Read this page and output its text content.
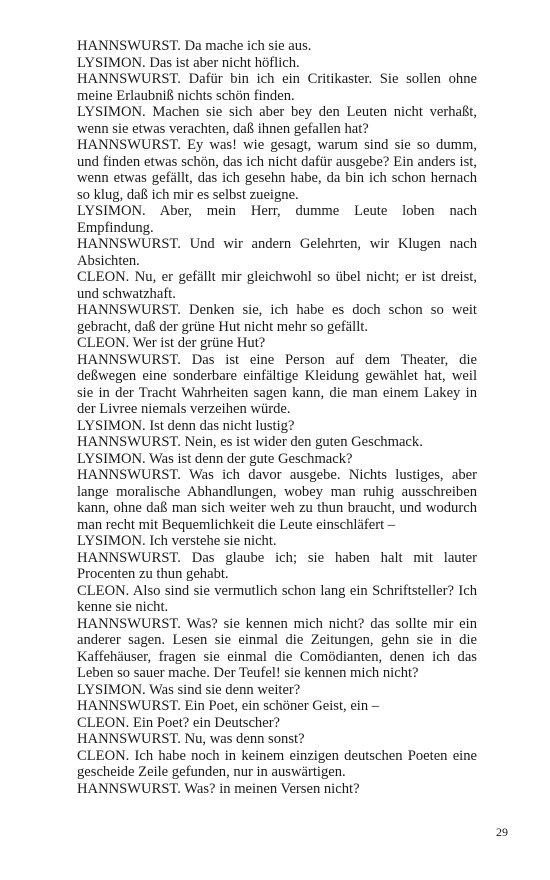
HANNSWURST. Da mache ich sie aus.

LYSIMON. Das ist aber nicht höflich.

HANNSWURST. Dafür bin ich ein Critikaster. Sie sollen ohne meine Erlaubniß nichts schön finden.

LYSIMON. Machen sie sich aber bey den Leuten nicht verhaßt, wenn sie etwas verachten, daß ihnen gefallen hat?

HANNSWURST. Ey was! wie gesagt, warum sind sie so dumm, und finden etwas schön, das ich nicht dafür ausgebe? Ein anders ist, wenn etwas gefällt, das ich gesehn habe, da bin ich schon hernach so klug, daß ich mir es selbst zueigne.

LYSIMON. Aber, mein Herr, dumme Leute loben nach Empfindung.

HANNSWURST. Und wir andern Gelehrten, wir Klugen nach Absichten.

CLEON. Nu, er gefällt mir gleichwohl so übel nicht; er ist dreist, und schwatzhaft.

HANNSWURST. Denken sie, ich habe es doch schon so weit gebracht, daß der grüne Hut nicht mehr so gefällt.

CLEON. Wer ist der grüne Hut?

HANNSWURST. Das ist eine Person auf dem Theater, die deßwegen eine sonderbare einfältige Kleidung gewählet hat, weil sie in der Tracht Wahrheiten sagen kann, die man einem Lakey in der Livree niemals verzeihen würde.

LYSIMON. Ist denn das nicht lustig?

HANNSWURST. Nein, es ist wider den guten Geschmack.

LYSIMON. Was ist denn der gute Geschmack?

HANNSWURST. Was ich davor ausgebe. Nichts lustiges, aber lange moralische Abhandlungen, wobey man ruhig ausschreiben kann, ohne daß man sich weiter weh zu thun braucht, und wodurch man recht mit Bequemlichkeit die Leute einschläfert –

LYSIMON. Ich verstehe sie nicht.

HANNSWURST. Das glaube ich; sie haben halt mit lauter Procenten zu thun gehabt.

CLEON. Also sind sie vermutlich schon lang ein Schriftsteller? Ich kenne sie nicht.

HANNSWURST. Was? sie kennen mich nicht? das sollte mir ein anderer sagen. Lesen sie einmal die Zeitungen, gehn sie in die Kaffehäuser, fragen sie einmal die Comödianten, denen ich das Leben so sauer mache. Der Teufel! sie kennen mich nicht?

LYSIMON. Was sind sie denn weiter?

HANNSWURST. Ein Poet, ein schöner Geist, ein –

CLEON. Ein Poet? ein Deutscher?

HANNSWURST. Nu, was denn sonst?

CLEON. Ich habe noch in keinem einzigen deutschen Poeten eine gescheide Zeile gefunden, nur in auswärtigen.

HANNSWURST. Was? in meinen Versen nicht?

29
